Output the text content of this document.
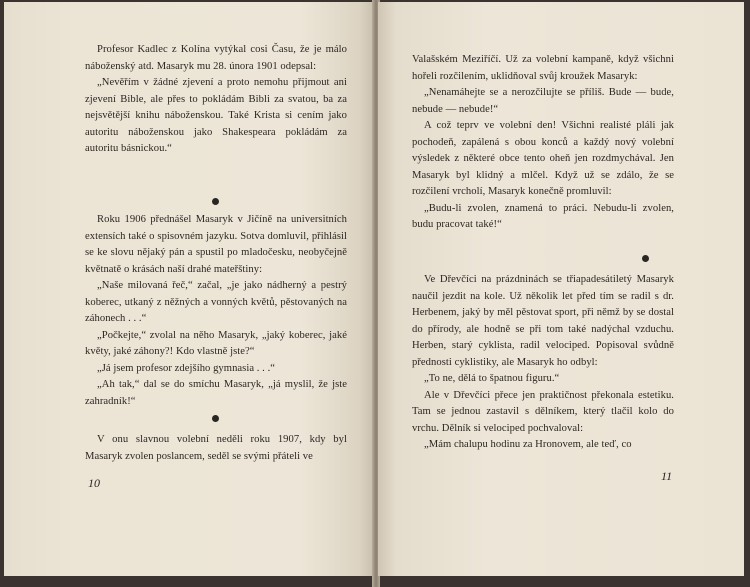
Profesor Kadlec z Kolína vytýkal cosi Času, že je málo náboženský atd. Masaryk mu 28. února 1901 odepsal:

„Nevěřím v žádné zjevení a proto nemohu přijmout ani zjevení Bible, ale přes to pokládám Bibli za svatou, ba za nejsvětější knihu náboženskou. Také Krista si cením jako autoritu náboženskou jako Shakespeara pokládám za autoritu básnickou.“

Roku 1906 přednášel Masaryk v Jičíně na universitních extensích také o spisovném jazyku. Sotva domluvil, přihlásil se ke slovu nějaký pán a spustil po mladočesku, neobyčejně květnatě o krásách naší drahé mateřštiny:

„Naše milovaná řeč,“ začal, „je jako nádherný a pestrý koberec, utkaný z něžných a vonných květů, pěstovaných na záhonech . . .“

„Počkejte,“ zvolal na něho Masaryk, „jaký koberec, jaké květy, jaké záhony?! Kdo vlastně jste?“

„Já jsem profesor zdejšího gymnasia . . .“

„Ah tak,“ dal se do smíchu Masaryk, „já myslil, že jste zahradník!“

V onu slavnou volební neděli roku 1907, kdy byl Masaryk zvolen poslancem, seděl se svými přáteli ve

10

Valašském Meziříčí. Už za volební kampaně, když všichni hořeli rozčilením, uklidňoval svůj kroužek Masaryk:

„Nenamáhejte se a nerozčilujte se příliš. Bude — bude, nebude — nebude!“

A což teprv ve volební den! Všichni realisté pláli jak pochodeň, zapálená s obou konců a každý nový volební výsledek z některé obce tento oheň jen rozdmychával. Jen Masaryk byl klidný a mlčel. Když už se zdálo, že se rozčilení vrcholí, Masaryk konečně promluvil:

„Budu-li zvolen, znamená to práci. Nebudu-li zvolen, budu pracovat také!“

Ve Dřevčíci na prázdninách se třiapadesátiletý Masaryk naučil jezdit na kole. Už několik let před tím se radil s dr. Herbenem, jaký by měl pěstovat sport, při němž by se dostal do přírody, ale hodně se při tom také nadýchal vzduchu. Herben, starý cyklista, radil velociped. Popisoval svůdně přednosti cyklistiky, ale Masaryk ho odbyl:

„To ne, dělá to špatnou figuru.“

Ale v Dřevčíci přece jen praktičnost překonala estetiku. Tam se jednou zastavil s dělníkem, který tlačil kolo do vrchu. Dělník si velociped pochvaloval:

„Mám chalupu hodinu za Hronovem, ale teď, co

11
